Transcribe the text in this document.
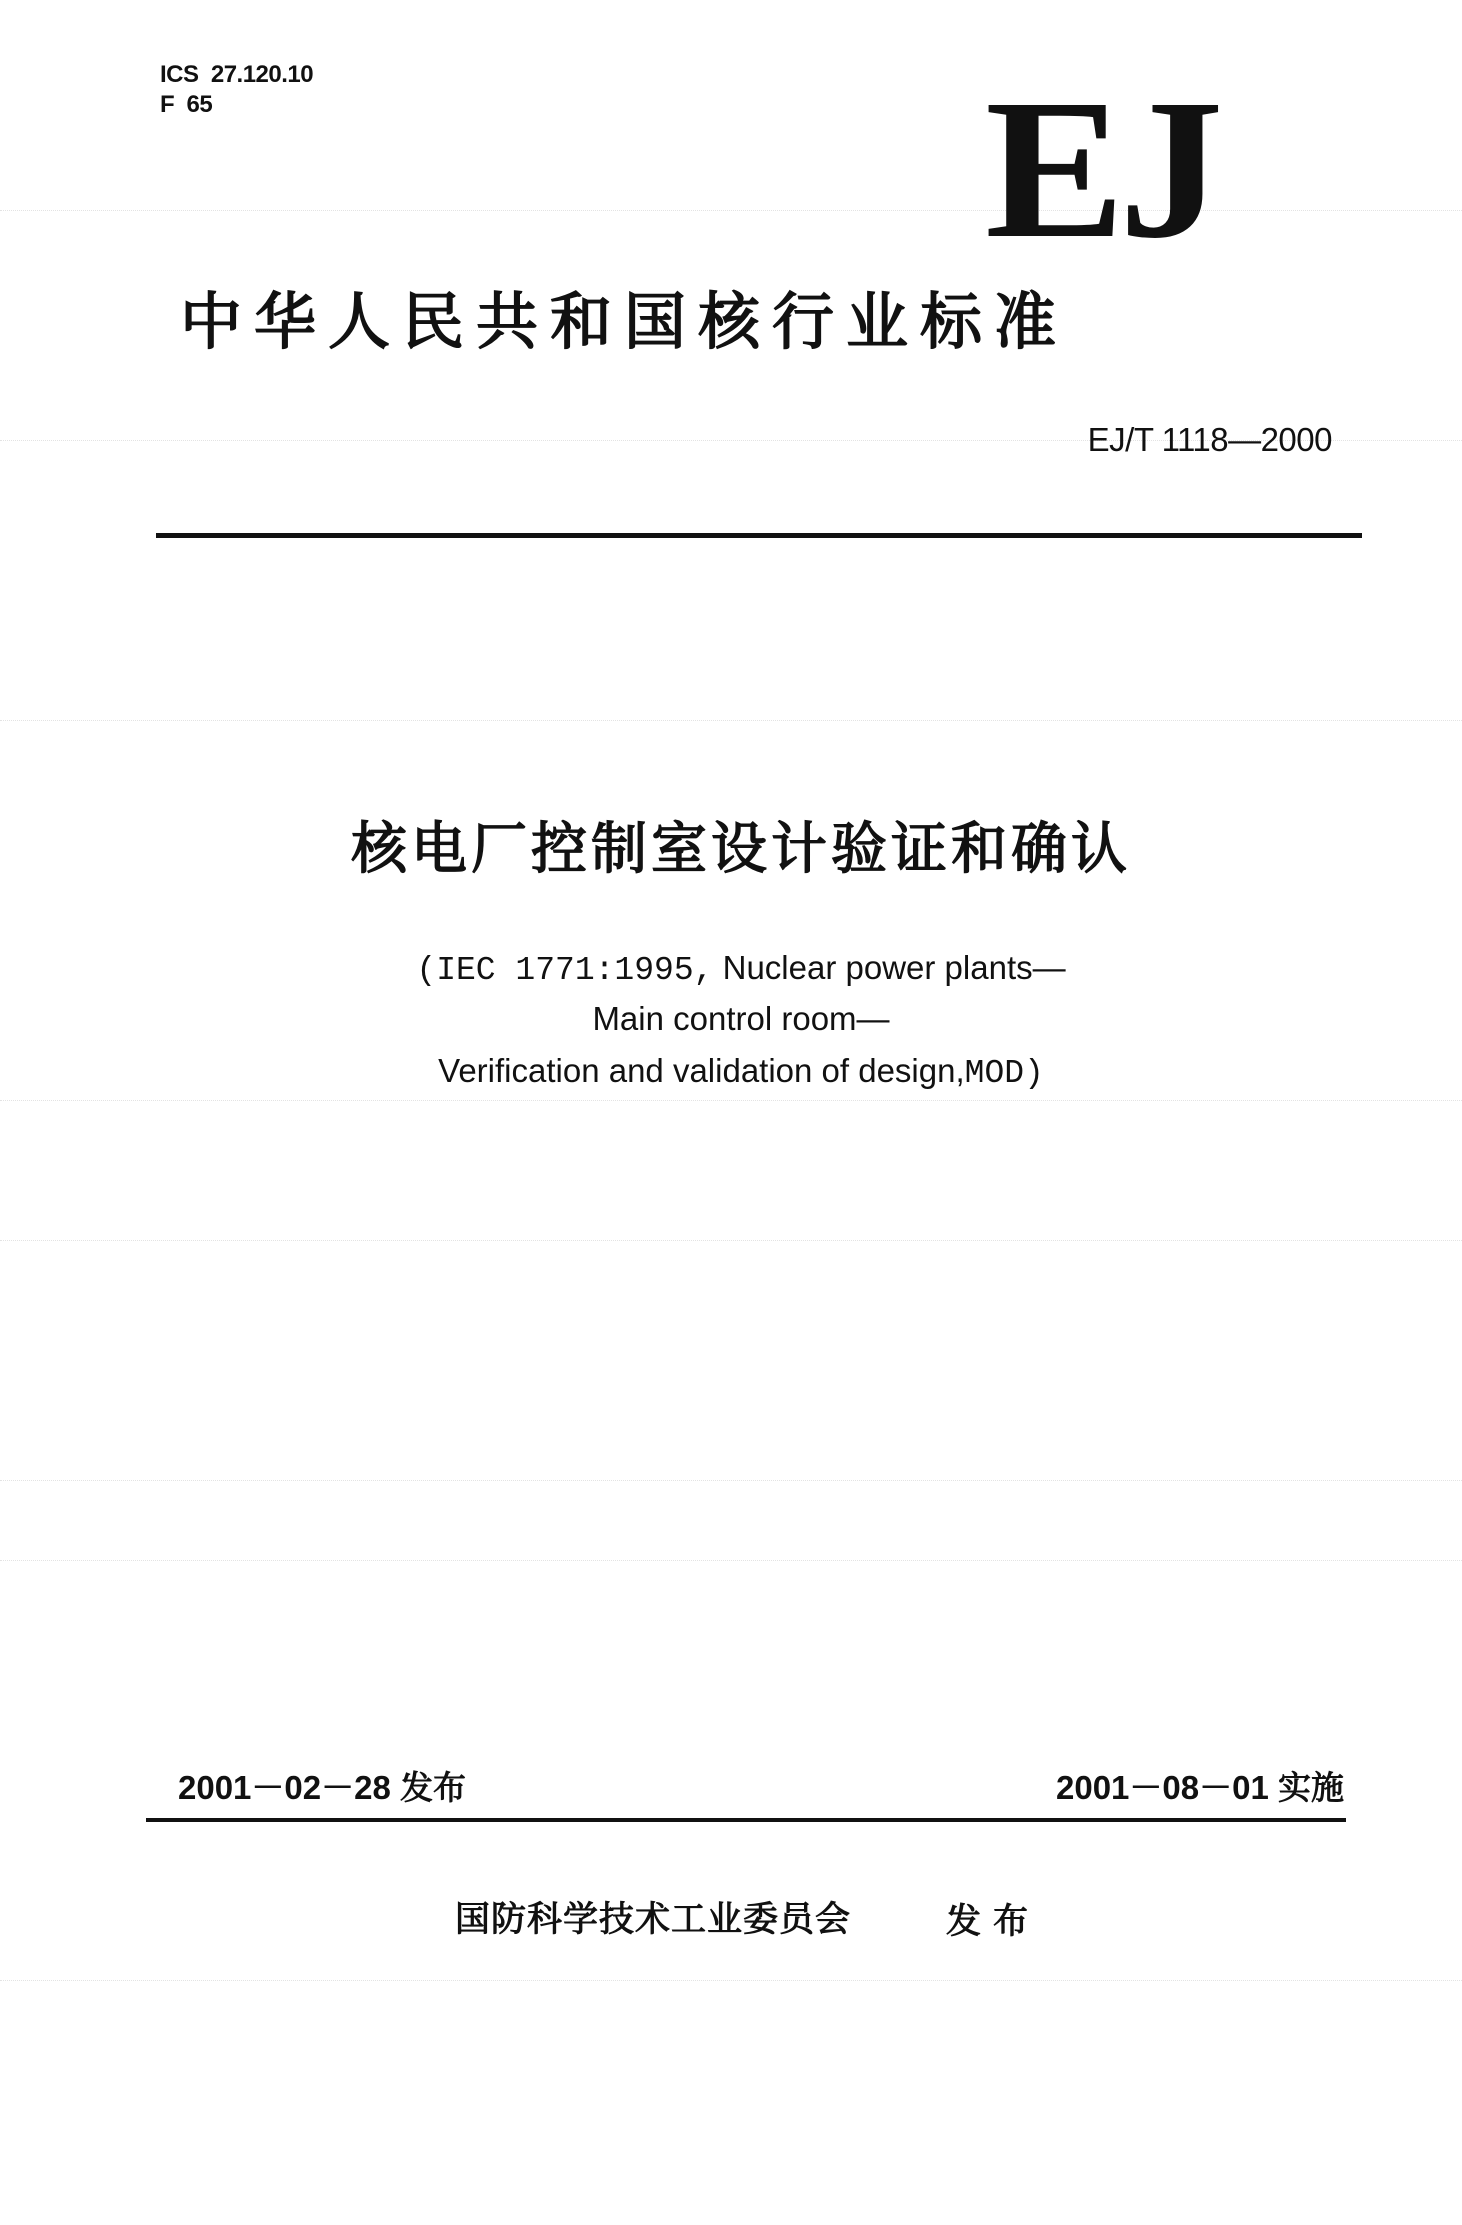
ICS  27.120.10
F  65	EJ
中华人民共和国核行业标准
EJ/T 1118—2000
核电厂控制室设计验证和确认
(IEC 1771:1995, Nuclear power plants—
Main control room—
Verification and validation of design,MOD)
2001－02－28 发布	2001－08－01 实施
国防科学技术工业委员会	发布
